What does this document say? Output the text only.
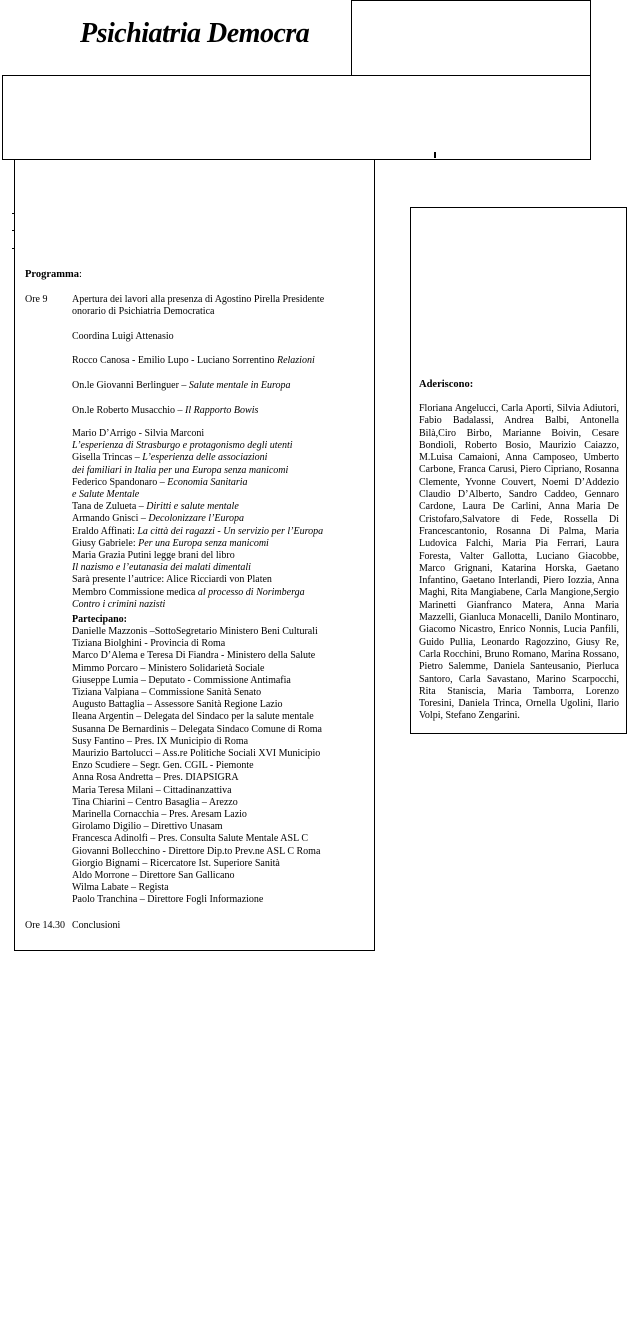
Psichiatria Democra
Programma:
Ore 9 Apertura dei lavori alla presenza di Agostino Pirella Presidente
onorario di Psichiatria Democratica
Coordina Luigi Attenasio
Rocco Canosa - Emilio Lupo - Luciano Sorrentino Relazioni
On.le Giovanni Berlinguer – Salute mentale in Europa
On.le Roberto Musacchio – Il Rapporto Bowis
Mario D’Arrigo - Silvia Marconi
L’esperienza di Strasburgo e protagonismo degli utenti
Gisella Trincas – L’esperienza delle associazioni
dei familiari in Italia per una Europa senza manicomi
Federico Spandonaro – Economia Sanitaria
e Salute Mentale
Tana de Zulueta – Diritti e salute mentale
Armando Gnisci – Decolonizzare l’Europa
Eraldo Affinati: La città dei ragazzi - Un servizio per l’Europa
Giusy Gabriele: Per una Europa senza manicomi
Maria Grazia Putini legge brani del libro
Il nazismo e l’eutanasia dei malati dimentali
Sarà presente l’autrice: Alice Ricciardi von Platen
Membro Commissione medica al processo di Norimberga
Contro i crimini nazisti
Partecipano:
Danielle Mazzonis –SottoSegretario Ministero Beni Culturali
Tiziana Biolghini - Provincia di Roma
Marco D’Alema e Teresa Di Fiandra - Ministero della Salute
Mimmo Porcaro – Ministero Solidarietà Sociale
Giuseppe Lumia – Deputato - Commissione Antimafia
Tiziana Valpiana – Commissione Sanità Senato
Augusto Battaglia – Assessore Sanità Regione Lazio
Ileana Argentin – Delegata del Sindaco per la salute mentale
Susanna De Bernardinis – Delegata Sindaco Comune di Roma
Susy Fantino – Pres. IX Municipio di Roma
Maurizio Bartolucci – Ass.re Politiche Sociali XVI Municipio
Enzo Scudiere – Segr. Gen. CGIL - Piemonte
Anna Rosa Andretta – Pres. DIAPSIGRA
Maria Teresa Milani – Cittadinanzattiva
Tina Chiarini – Centro Basaglia – Arezzo
Marinella Cornacchia – Pres. Aresam Lazio
Girolamo Digilio – Direttivo Unasam
Francesca Adinolfi – Pres. Consulta Salute Mentale ASL C
Giovanni Bollecchino - Direttore Dip.to Prev.ne ASL C Roma
Giorgio Bignami – Ricercatore Ist. Superiore Sanità
Aldo Morrone – Direttore San Gallicano
Wilma Labate – Regista
Paolo Tranchina – Direttore Fogli Informazione
Ore 14.30 Conclusioni
Aderiscono:
Floriana Angelucci, Carla Aporti, Silvia Adiutori, Fabio Badalassi, Andrea Balbi, Antonella Bilà,Ciro Birbo, Marianne Boivin, Cesare Bondioli, Roberto Bosio, Maurizio Caiazzo, M.Luisa Camaioni, Anna Camposeo, Umberto Carbone, Franca Carusi, Piero Cipriano, Rosanna Clemente, Yvonne Couvert, Noemi D’Addezio Claudio D’Alberto, Sandro Caddeo, Gennaro Cardone, Laura De Carlini, Anna Maria De Cristofaro,Salvatore di Fede, Rossella Di Francescantonio, Rosanna Di Palma, Maria Ludovica Falchi, Maria Pia Ferrari, Laura Foresta, Valter Gallotta, Luciano Giacobbe, Marco Grignani, Katarina Horska, Gaetano Infantino, Gaetano Interlandi, Piero Iozzia, Anna Maghi, Rita Mangiabene, Carla Mangione,Sergio Marinetti Gianfranco Matera, Anna Maria Mazzelli, Gianluca Monacelli, Danilo Montinaro, Giacomo Nicastro, Enrico Nonnis, Lucia Panfili, Guido Pullia, Leonardo Ragozzino, Giusy Re, Carla Rocchini, Bruno Romano, Marina Rossano, Pietro Salemme, Daniela Santeusanio, Pierluca Santoro, Carla Savastano, Marino Scarpocchi, Rita Staniscia, Maria Tamborra, Lorenzo Toresini, Daniela Trinca, Ornella Ugolini, Ilario Volpi, Stefano Zengarini.
